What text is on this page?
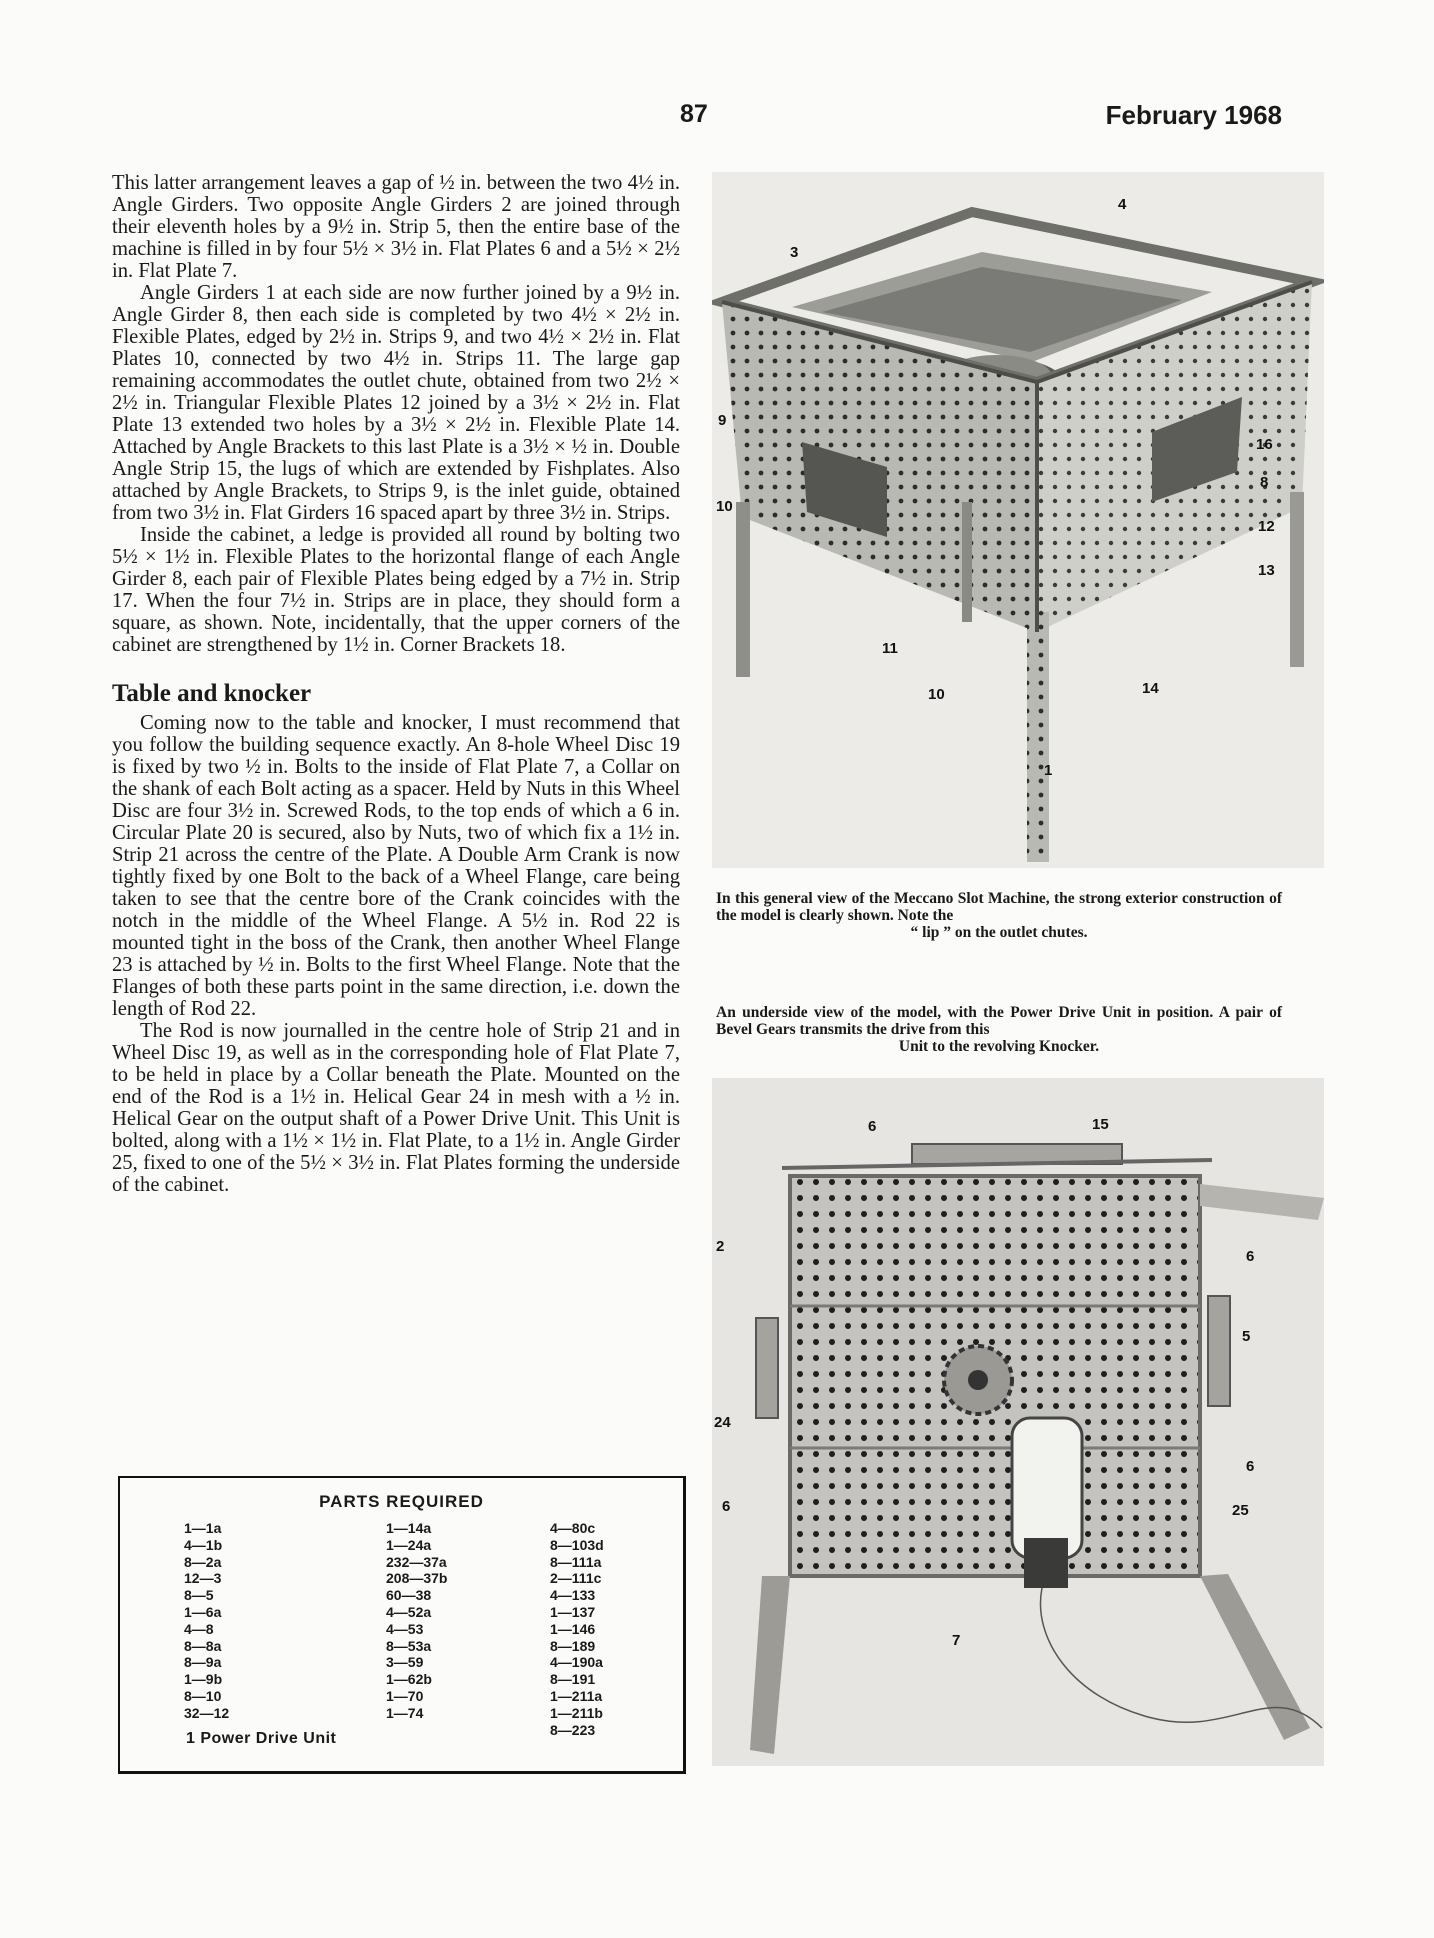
87	February 1968

This latter arrangement leaves a gap of ½ in. between the two 4½ in. Angle Girders. Two opposite Angle Girders 2 are joined through their eleventh holes by a 9½ in. Strip 5, then the entire base of the machine is filled in by four 5½ × 3½ in. Flat Plates 6 and a 5½ × 2½ in. Flat Plate 7.

Angle Girders 1 at each side are now further joined by a 9½ in. Angle Girder 8, then each side is completed by two 4½ × 2½ in. Flexible Plates, edged by 2½ in. Strips 9, and two 4½ × 2½ in. Flat Plates 10, connected by two 4½ in. Strips 11. The large gap remaining accommodates the outlet chute, obtained from two 2½ × 2½ in. Triangular Flexible Plates 12 joined by a 3½ × 2½ in. Flat Plate 13 extended two holes by a 3½ × 2½ in. Flexible Plate 14. Attached by Angle Brackets to this last Plate is a 3½ × ½ in. Double Angle Strip 15, the lugs of which are extended by Fishplates. Also attached by Angle Brackets, to Strips 9, is the inlet guide, obtained from two 3½ in. Flat Girders 16 spaced apart by three 3½ in. Strips.

Inside the cabinet, a ledge is provided all round by bolting two 5½ × 1½ in. Flexible Plates to the horizontal flange of each Angle Girder 8, each pair of Flexible Plates being edged by a 7½ in. Strip 17. When the four 7½ in. Strips are in place, they should form a square, as shown. Note, incidentally, that the upper corners of the cabinet are strengthened by 1½ in. Corner Brackets 18.

Table and knocker

Coming now to the table and knocker, I must recommend that you follow the building sequence exactly. An 8-hole Wheel Disc 19 is fixed by two ½ in. Bolts to the inside of Flat Plate 7, a Collar on the shank of each Bolt acting as a spacer. Held by Nuts in this Wheel Disc are four 3½ in. Screwed Rods, to the top ends of which a 6 in. Circular Plate 20 is secured, also by Nuts, two of which fix a 1½ in. Strip 21 across the centre of the Plate. A Double Arm Crank is now tightly fixed by one Bolt to the back of a Wheel Flange, care being taken to see that the centre bore of the Crank coincides with the notch in the middle of the Wheel Flange. A 5½ in. Rod 22 is mounted tight in the boss of the Crank, then another Wheel Flange 23 is attached by ½ in. Bolts to the first Wheel Flange. Note that the Flanges of both these parts point in the same direction, i.e. down the length of Rod 22.

The Rod is now journalled in the centre hole of Strip 21 and in Wheel Disc 19, as well as in the corresponding hole of Flat Plate 7, to be held in place by a Collar beneath the Plate. Mounted on the end of the Rod is a 1½ in. Helical Gear 24 in mesh with a ½ in. Helical Gear on the output shaft of a Power Drive Unit. This Unit is bolted, along with a 1½ × 1½ in. Flat Plate, to a 1½ in. Angle Girder 25, fixed to one of the 5½ × 3½ in. Flat Plates forming the underside of the cabinet.

PARTS REQUIRED
1—1a
4—1b
8—2a
12—3
8—5
1—6a
4—8
8—8a
8—9a
1—9b
8—10
32—12
1—14a
1—24a
232—37a
208—37b
60—38
4—52a
4—53
8—53a
3—59
1—62b
1—70
1—74
4—80c
8—103d
8—111a
2—111c
4—133
1—137
1—146
8—189
4—190a
8—191
1—211a
1—211b
8—223
1 Power Drive Unit
4
3
9
10
16
8
12
13
11
10	14
1
In this general view of the Meccano Slot Machine, the strong exterior construction of the model is clearly shown. Note the
“ lip ” on the outlet chutes.
An underside view of the model, with the Power Drive Unit in position. A pair of Bevel Gears transmits the drive from this
Unit to the revolving Knocker.
6	15
2
6
5
24
6
6	25
7
